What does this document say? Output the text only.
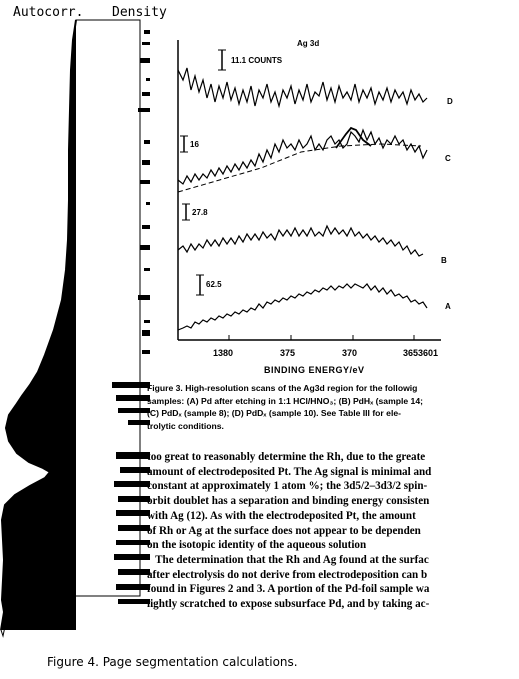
Autocorr. Density
Ag 3d
11.1 COUNTS
16
27.8
62.5
D
C
B
A
1380	375	370	365
BINDING ENERGY/eV
3601
Figure 3. High-resolution scans of the Ag3d region for the followig
samples: (A) Pd after etching in 1:1 HCl/HNO₃; (B) PdHₓ (sample 14;
(C) PdDₓ (sample 8); (D) PdDₓ (sample 10). See Table III for ele-
trolytic conditions.
too great to reasonably determine the Rh, due to the greate
amount of electrodeposited Pt. The Ag signal is minimal and
constant at approximately 1 atom %; the 3d5/2–3d3/2 spin-
orbit doublet has a separation and binding energy consisten
with Ag (12). As with the electrodeposited Pt, the amount
of Rh or Ag at the surface does not appear to be dependen
on the isotopic identity of the aqueous solution
The determination that the Rh and Ag found at the surfac
after electrolysis do not derive from electrodeposition can b
found in Figures 2 and 3. A portion of the Pd-foil sample wa
lightly scratched to expose subsurface Pd, and by taking ac-
Figure 4. Page segmentation calculations.
